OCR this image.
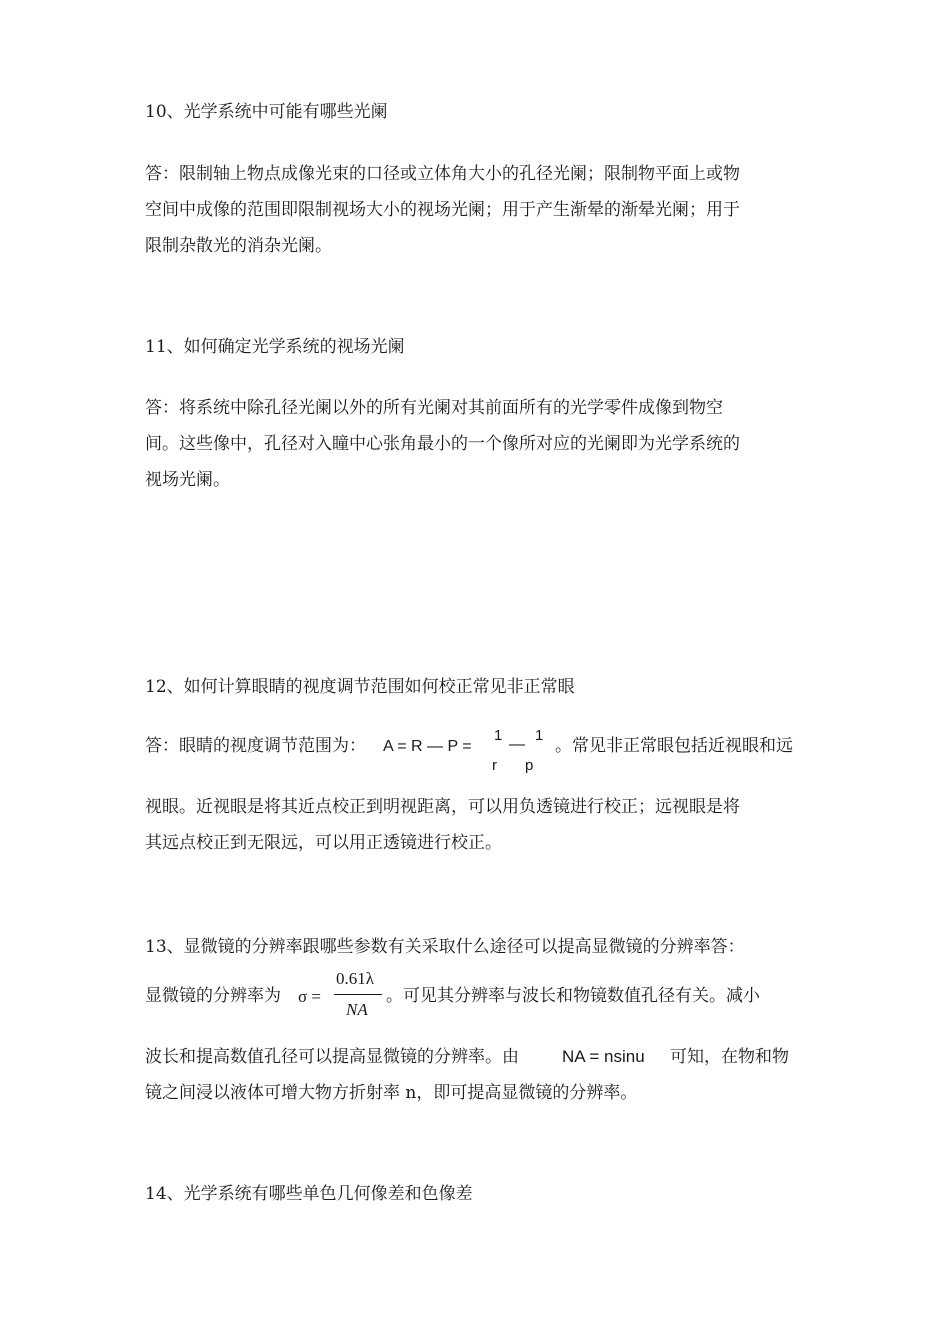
10、光学系统中可能有哪些光阑
答：限制轴上物点成像光束的口径或立体角大小的孔径光阑；限制物平面上或物
空间中成像的范围即限制视场大小的视场光阑；用于产生渐晕的渐晕光阑；用于
限制杂散光的消杂光阑。
11、如何确定光学系统的视场光阑
答：将系统中除孔径光阑以外的所有光阑对其前面所有的光学零件成像到物空
间。这些像中，孔径对入瞳中心张角最小的一个像所对应的光阑即为光学系统的
视场光阑。
12、如何计算眼睛的视度调节范围如何校正常见非正常眼
答：眼睛的视度调节范围为： A = R — P =
1
r
—
1
p
。常见非正常眼包括近视眼和远
视眼。近视眼是将其近点校正到明视距离，可以用负透镜进行校正；远视眼是将
其远点校正到无限远，可以用正透镜进行校正。
13、显微镜的分辨率跟哪些参数有关采取什么途径可以提高显微镜的分辨率答：
显微镜的分辨率为 σ =
0.61λ
NA
。可见其分辨率与波长和物镜数值孔径有关。减小
波长和提高数值孔径可以提高显微镜的分辨率。由	NA = nsinu 可知，在物和物
镜之间浸以液体可增大物方折射率 n，即可提高显微镜的分辨率。
14、光学系统有哪些单色几何像差和色像差
